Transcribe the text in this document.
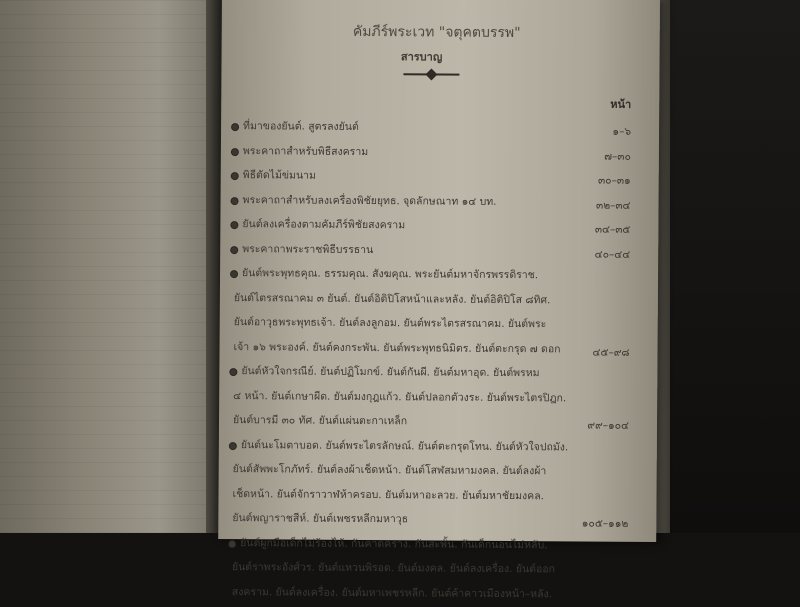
คัมภีร์พระเวท "จตุคตบรรพ"
สารบาญ
หน้า
ที่มาของยันต์. สูตรลงยันต์	๑–๖
พระคาถาสำหรับพิธีสงคราม	๗–๓๐
พิธีตัดไม้ข่มนาม	๓๐–๓๑
พระคาถาสำหรับลงเครื่องพิชัยยุทธ. จุดลักษณาท ๑๔ บท.	๓๒–๓๔
ยันต์ลงเครื่องตามคัมภีร์พิชัยสงคราม	๓๔–๓๕
พระคาถาพระราชพิธีบรรธาน	๔๐–๔๔
ยันต์พระพุทธคุณ. ธรรมคุณ. สังฆคุณ. พระยันต์มหาจักรพรรดิราช.
ยันต์ไตรสรณาคม ๓ ยันต์. ยันต์อิติปิโสหน้าและหลัง. ยันต์อิติปิโส ๘ทิศ.
ยันต์อาวุธพระพุทธเจ้า. ยันต์ลงลูกอม. ยันต์พระไตรสรณาคม. ยันต์พระ
เจ้า ๑๖ พระองค์. ยันต์คงกระพัน. ยันต์พระพุทธนิมิตร. ยันต์ตะกรุด ๗ ดอก	๔๕–๙๘
ยันต์หัวใจกรณีย์. ยันต์ปฏิโมกข์. ยันต์กันผี. ยันต์มหาอุด. ยันต์พรหม
๔ หน้า. ยันต์เกษาผีด. ยันต์มงกุฎแก้ว. ยันต์ปลอกตัวงระ. ยันต์พระไตรปิฎก.
ยันต์บารมี ๓๐ ทัศ. ยันต์แผ่นตะกาเหล็ก	๙๙–๑๐๔
ยันต์นะโมตาบอด. ยันต์พระไตรลักษณ์. ยันต์ตะกรุดโทน. ยันต์หัวใจปถมัง.
ยันต์สัพพะโกภัทร์. ยันต์ลงผ้าเช็ดหน้า. ยันต์โสฬสมหามงคล. ยันต์ลงผ้า
เช็ดหน้า. ยันต์จักราวาฬห้าครอบ. ยันต์มหาอะลวย. ยันต์มหาชัยมงคล.
ยันต์พญาราชสีห์. ยันต์เพชรหลีกมหาวุธ	๑๐๕–๑๑๒
ยันต์ผูกมือเด็กไม่ร้องไห้. กันคาดคราง. กันสะพั้น. กันเด็กนอนไม่หลับ.
ยันต์ราพระอังศ์วร. ยันต์แหวนพิรอด. ยันต์มงคล. ยันต์ลงเครื่อง. ยันต์ออก
สงคราม. ยันต์ลงเครื่อง. ยันต์มหาเพชรหลีก. ยันต์ค้าคาวเมืองหน้า–หลัง.
